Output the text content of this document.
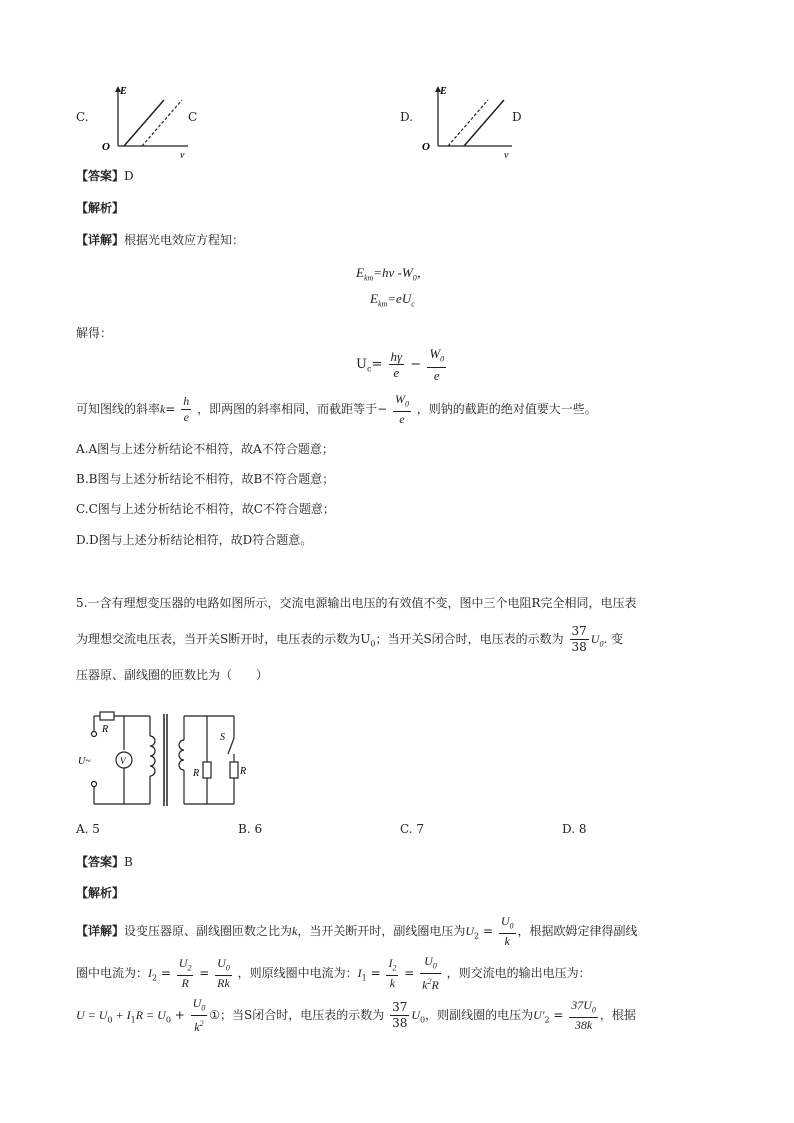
C.
O
E
ν
C	D.
O
E
ν
D
【答案】D
【解析】
【详解】根据光电效应方程知：
$E_{km}=h\nu$ $-W_0$，
$E_{km}=eU_c$
解得：
$U_c= \frac{h\gamma}{e} - \frac{W_0}{e}$
可知图线的斜率$k= \frac{h}{e}$ ，即两图的斜率相同，而截距等于− $\frac{W_0}{e}$ ，则钠的截距的绝对值要大一些。
A.A图与上述分析结论不相符，故A不符合题意；
B.B图与上述分析结论不相符，故B不符合题意；
C.C图与上述分析结论不相符，故C不符合题意；
D.D图与上述分析结论相符，故D符合题意。
5.一含有理想变压器的电路如图所示，交流电源输出电压的有效值不变，图中三个电阻R完全相同，电压表
为理想交流电压表，当开关S断开时，电压表的示数为$U_0$；当开关S闭合时，电压表的示数为 $\frac{37}{38} U_0$. 变
压器原、副线圈的匝数比为（　　）
R
U~	V
R	R
S
A. 5	B. 6	C. 7	D. 8
【答案】B
【解析】
【详解】设变压器原、副线圈匝数之比为k，当开关断开时，副线圈电压为$U_2 = \frac{U_0}{k}$ ，根据欧姆定律得副线
圈中电流为：$I_2 = \frac{U_2}{R} = \frac{U_0}{Rk}$ ，则原线圈中电流为：$I_1 = \frac{I_2}{k} = \frac{U_0}{k^2R}$ ，则交流电的输出电压为：
$U = U_0 + I_1R = U_0 + \frac{U_0}{k^2}$ ①；当S闭合时，电压表的示数为 $\frac{37}{38} U_0$，则副线圈的电压为$U'_2 = \frac{37U_0}{38k}$ ，根据
